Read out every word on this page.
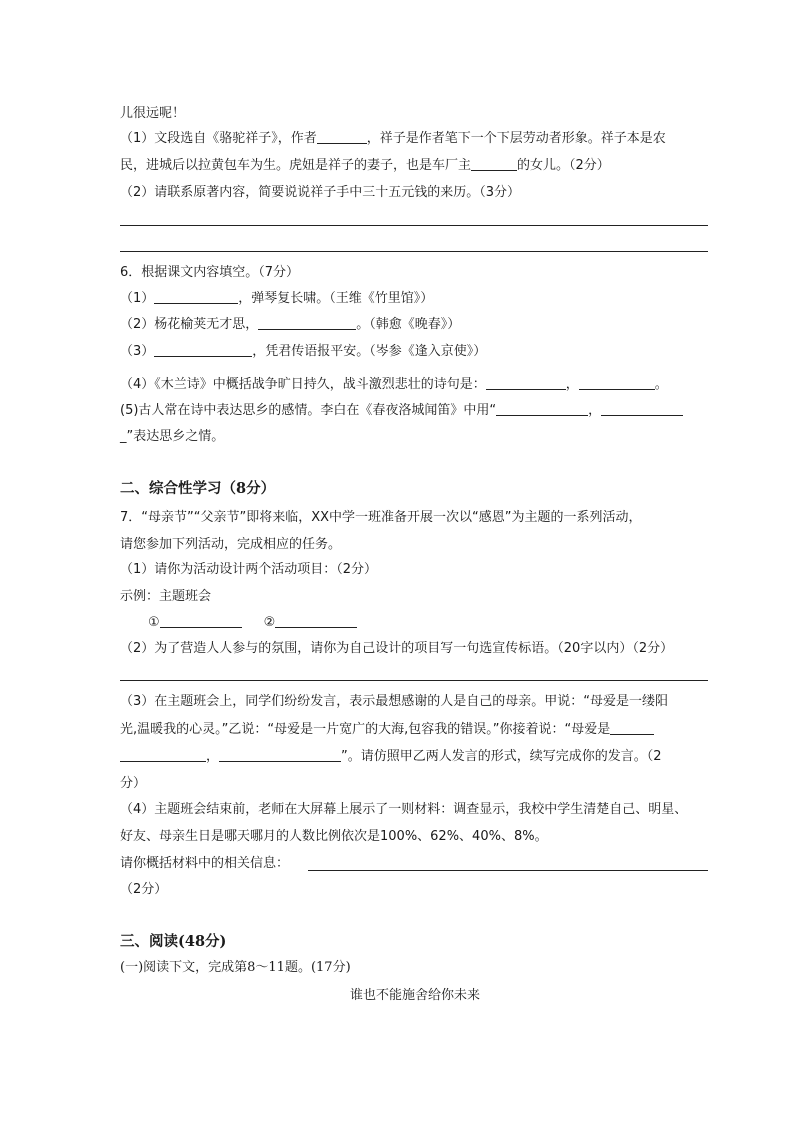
儿很远呢！
（1）文段选自《骆驼祥子》，作者	，祥子是作者笔下一个下层劳动者形象。祥子本是农
民，进城后以拉黄包车为生。虎妞是祥子的妻子，也是车厂主	的女儿。（2分）
（2）请联系原著内容，简要说说祥子手中三十五元钱的来历。（3分）
6．根据课文内容填空。（7分）
（1）	，弹琴复长啸。（王维《竹里馆》）
（2）杨花榆荚无才思，	。（韩愈《晚春》）
（3）	，凭君传语报平安。（岑参《逢入京使》）
（4）《木兰诗》中概括战争旷日持久，战斗激烈悲壮的诗句是：	，	。
(5)古人常在诗中表达思乡的感情。李白在《春夜洛城闻笛》中用“	，
_”表达思乡之情。
二、综合性学习（8分）
7．“母亲节”“父亲节”即将来临，XX中学一班准备开展一次以“感恩”为主题的一系列活动，
请您参加下列活动，完成相应的任务。
（1）请你为活动设计两个活动项目：（2分）
示例：主题班会
①	②
（2）为了营造人人参与的氛围，请你为自己设计的项目写一句选宣传标语。（20字以内）（2分）
（3）在主题班会上，同学们纷纷发言，表示最想感谢的人是自己的母亲。甲说：“母爱是一缕阳
光,温暖我的心灵。”乙说：“母爱是一片宽广的大海,包容我的错误。”你接着说：“母爱是
，	”。请仿照甲乙两人发言的形式，续写完成你的发言。（2
分）
（4）主题班会结束前，老师在大屏幕上展示了一则材料：调查显示，我校中学生清楚自己、明星、
好友、母亲生日是哪天哪月的人数比例依次是100%、62%、40%、8%。
请你概括材料中的相关信息：
（2分）
三、阅读(48分)
(一)阅读下文，完成第8～11题。(17分)
谁也不能施舍给你未来
